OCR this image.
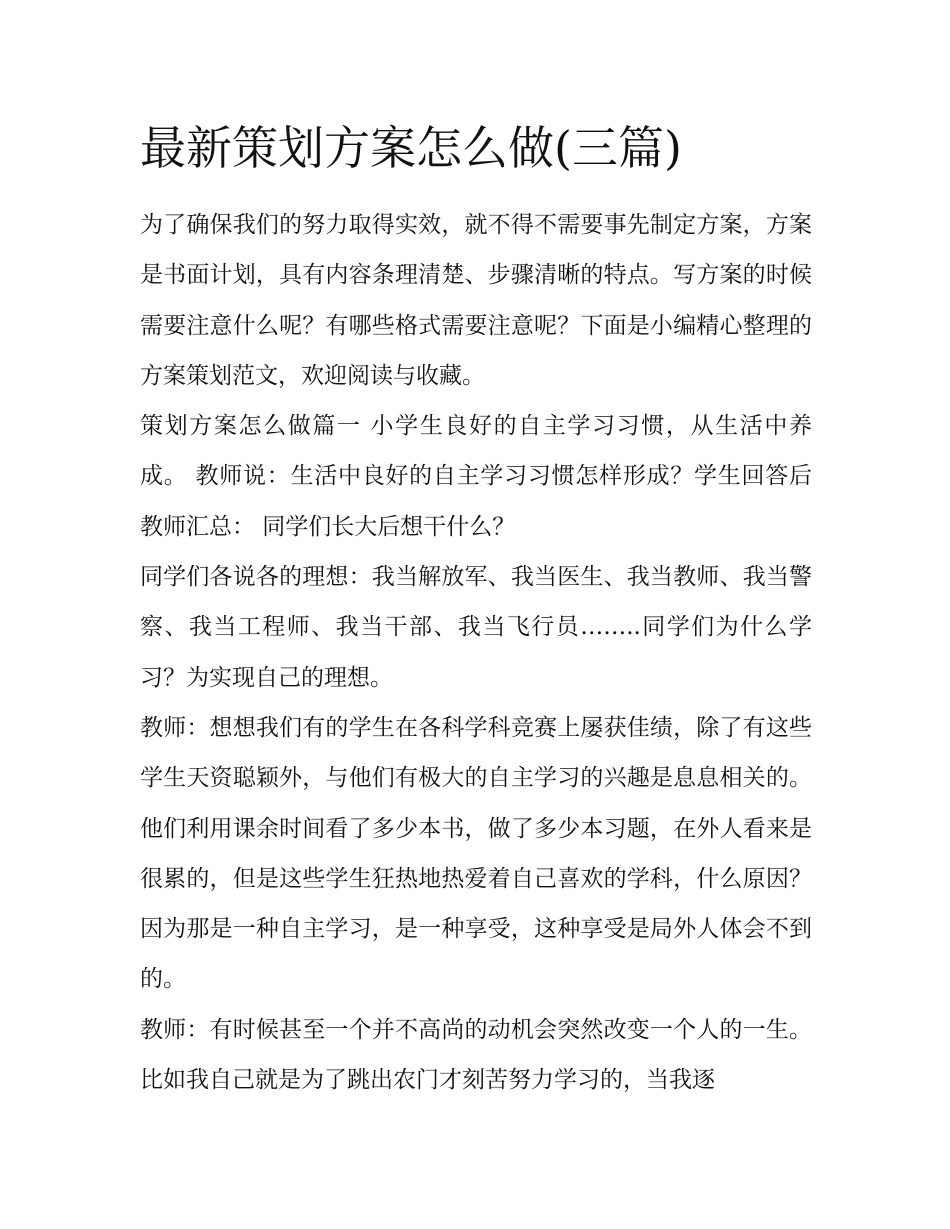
最新策划方案怎么做(三篇)

为了确保我们的努力取得实效，就不得不需要事先制定方案，方案是书面计划，具有内容条理清楚、步骤清晰的特点。写方案的时候需要注意什么呢？有哪些格式需要注意呢？下面是小编精心整理的方案策划范文，欢迎阅读与收藏。

策划方案怎么做篇一 小学生良好的自主学习习惯，从生活中养成。 教师说：生活中良好的自主学习习惯怎样形成？学生回答后教师汇总： 同学们长大后想干什么？

同学们各说各的理想：我当解放军、我当医生、我当教师、我当警察、我当工程师、我当干部、我当飞行员……..同学们为什么学习？为实现自己的理想。

教师：想想我们有的学生在各科学科竞赛上屡获佳绩，除了有这些学生天资聪颖外，与他们有极大的自主学习的兴趣是息息相关的。他们利用课余时间看了多少本书，做了多少本习题，在外人看来是很累的，但是这些学生狂热地热爱着自己喜欢的学科，什么原因？因为那是一种自主学习，是一种享受，这种享受是局外人体会不到的。

教师：有时候甚至一个并不高尚的动机会突然改变一个人的一生。比如我自己就是为了跳出农门才刻苦努力学习的，当我逐
